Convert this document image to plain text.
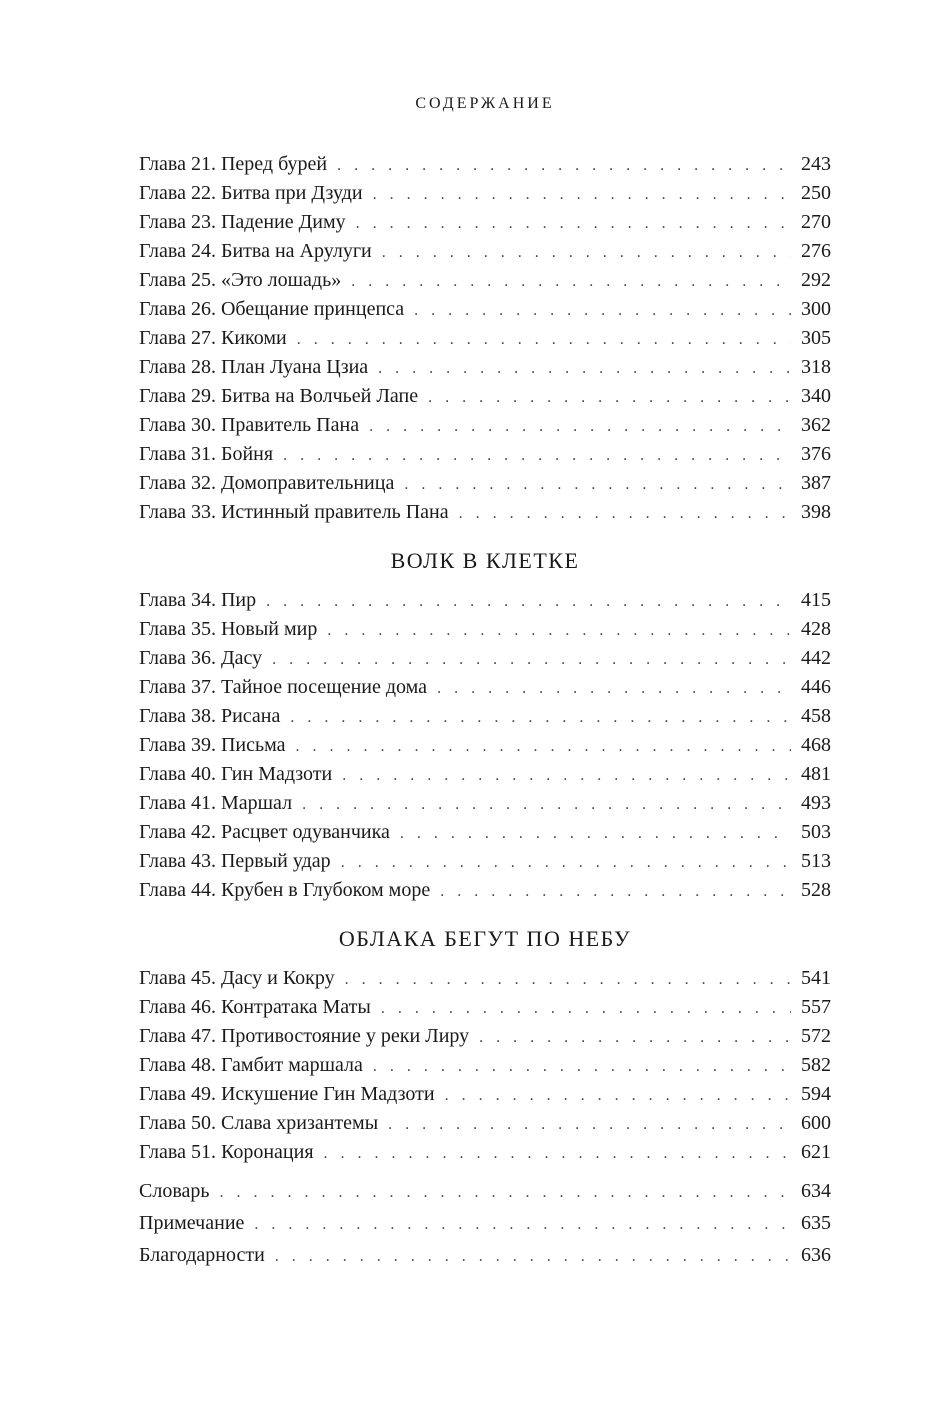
СОДЕРЖАНИЕ
Глава 21. Перед бурей . . .	243
Глава 22. Битва при Дзуди . . .	250
Глава 23. Падение Диму . . .	270
Глава 24. Битва на Арулуги . . .	276
Глава 25. «Это лошадь» . . .	292
Глава 26. Обещание принцепса . . .	300
Глава 27. Кикоми . . .	305
Глава 28. План Луана Цзиа . . .	318
Глава 29. Битва на Волчьей Лапе . . .	340
Глава 30. Правитель Пана . . .	362
Глава 31. Бойня . . .	376
Глава 32. Домоправительница . . .	387
Глава 33. Истинный правитель Пана . . .	398
ВОЛК В КЛЕТКЕ
Глава 34. Пир . . .	415
Глава 35. Новый мир . . .	428
Глава 36. Дасу . . .	442
Глава 37. Тайное посещение дома . . .	446
Глава 38. Рисана . . .	458
Глава 39. Письма . . .	468
Глава 40. Гин Мадзоти . . .	481
Глава 41. Маршал . . .	493
Глава 42. Расцвет одуванчика . . .	503
Глава 43. Первый удар . . .	513
Глава 44. Крубен в Глубоком море . . .	528
ОБЛАКА БЕГУТ ПО НЕБУ
Глава 45. Дасу и Кокру . . .	541
Глава 46. Контратака Маты . . .	557
Глава 47. Противостояние у реки Лиру . . .	572
Глава 48. Гамбит маршала . . .	582
Глава 49. Искушение Гин Мадзоти . . .	594
Глава 50. Слава хризантемы . . .	600
Глава 51. Коронация . . .	621
Словарь . . .	634
Примечание . . .	635
Благодарности . . .	636
